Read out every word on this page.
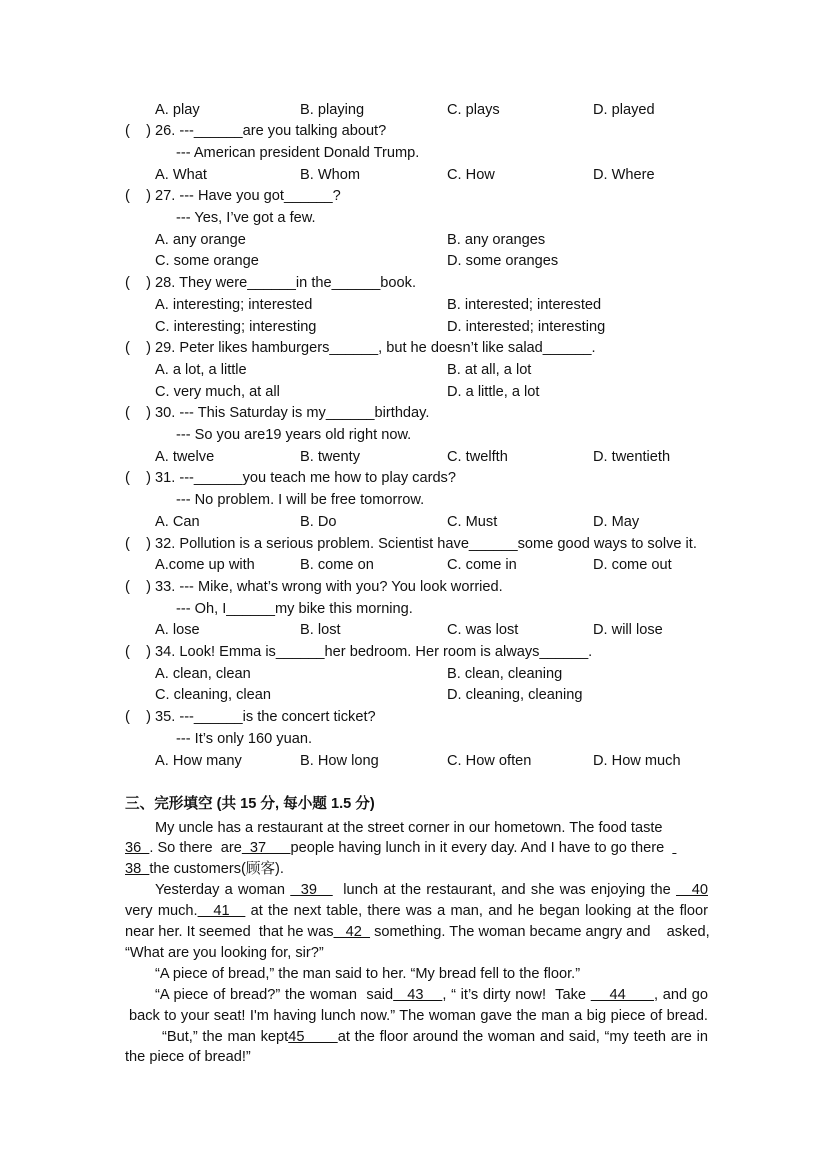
A. play	B. playing	C. plays	D. played
(    ) 26. ---______are you talking about?
--- American president Donald Trump.
A. What	B. Whom	C. How	D. Where
(    ) 27. --- Have you got______?
--- Yes, I’ve got a few.
A. any orange	B. any oranges
C. some orange	D. some oranges
(    ) 28. They were______in the______book.
A. interesting; interested	B. interested; interested
C. interesting; interesting	D. interested; interesting
(    ) 29. Peter likes hamburgers______, but he doesn’t like salad______.
A. a lot, a little	B. at all, a lot
C. very much, at all	D. a little, a lot
(    ) 30. --- This Saturday is my______birthday.
--- So you are19 years old right now.
A. twelve	B. twenty	C. twelfth	D. twentieth
(    ) 31. ---______you teach me how to play cards?
--- No problem. I will be free tomorrow.
A. Can	B. Do	C. Must	D. May
(    ) 32. Pollution is a serious problem. Scientist have______some good ways to solve it.
A.come up with	B. come on	C. come in	D. come out
(    ) 33. --- Mike, what’s wrong with you? You look worried.
--- Oh, I______my bike this morning.
A. lose	B. lost	C. was lost	D. will lose
(    ) 34. Look! Emma is______her bedroom. Her room is always______.
A. clean, clean	B. clean, cleaning
C. cleaning, clean	D. cleaning, cleaning
(    ) 35. ---______is the concert ticket?
--- It’s only 160 yuan.
A. How many	B. How long	C. How often	D. How much
三、完形填空 (共 15 分, 每小题 1.5 分)
My uncle has a restaurant at the street corner in our hometown. The food taste
36  . So there  are  37      people having lunch in it every day. And I have to go there
38  the customers(顾客).
Yesterday a woman   39     lunch at the restaurant, and she was enjoying the    40
very much.   41    at the next table, there was a man, and he began looking at the floor
near her. It seemed  that he was   42   something. The woman became angry and    asked,
“What are you looking for, sir?”
“A piece of bread,” the man said to her. “My bread fell to the floor.”
“A piece of bread?” the woman  said   43    , “ it’s dirty now!  Take     44      , and go
back to your seat! I'm having lunch now.” The woman gave the man a big piece of bread.
“But,” the man kept45       at the floor around the woman and said, “my teeth are in
the piece of bread!”
